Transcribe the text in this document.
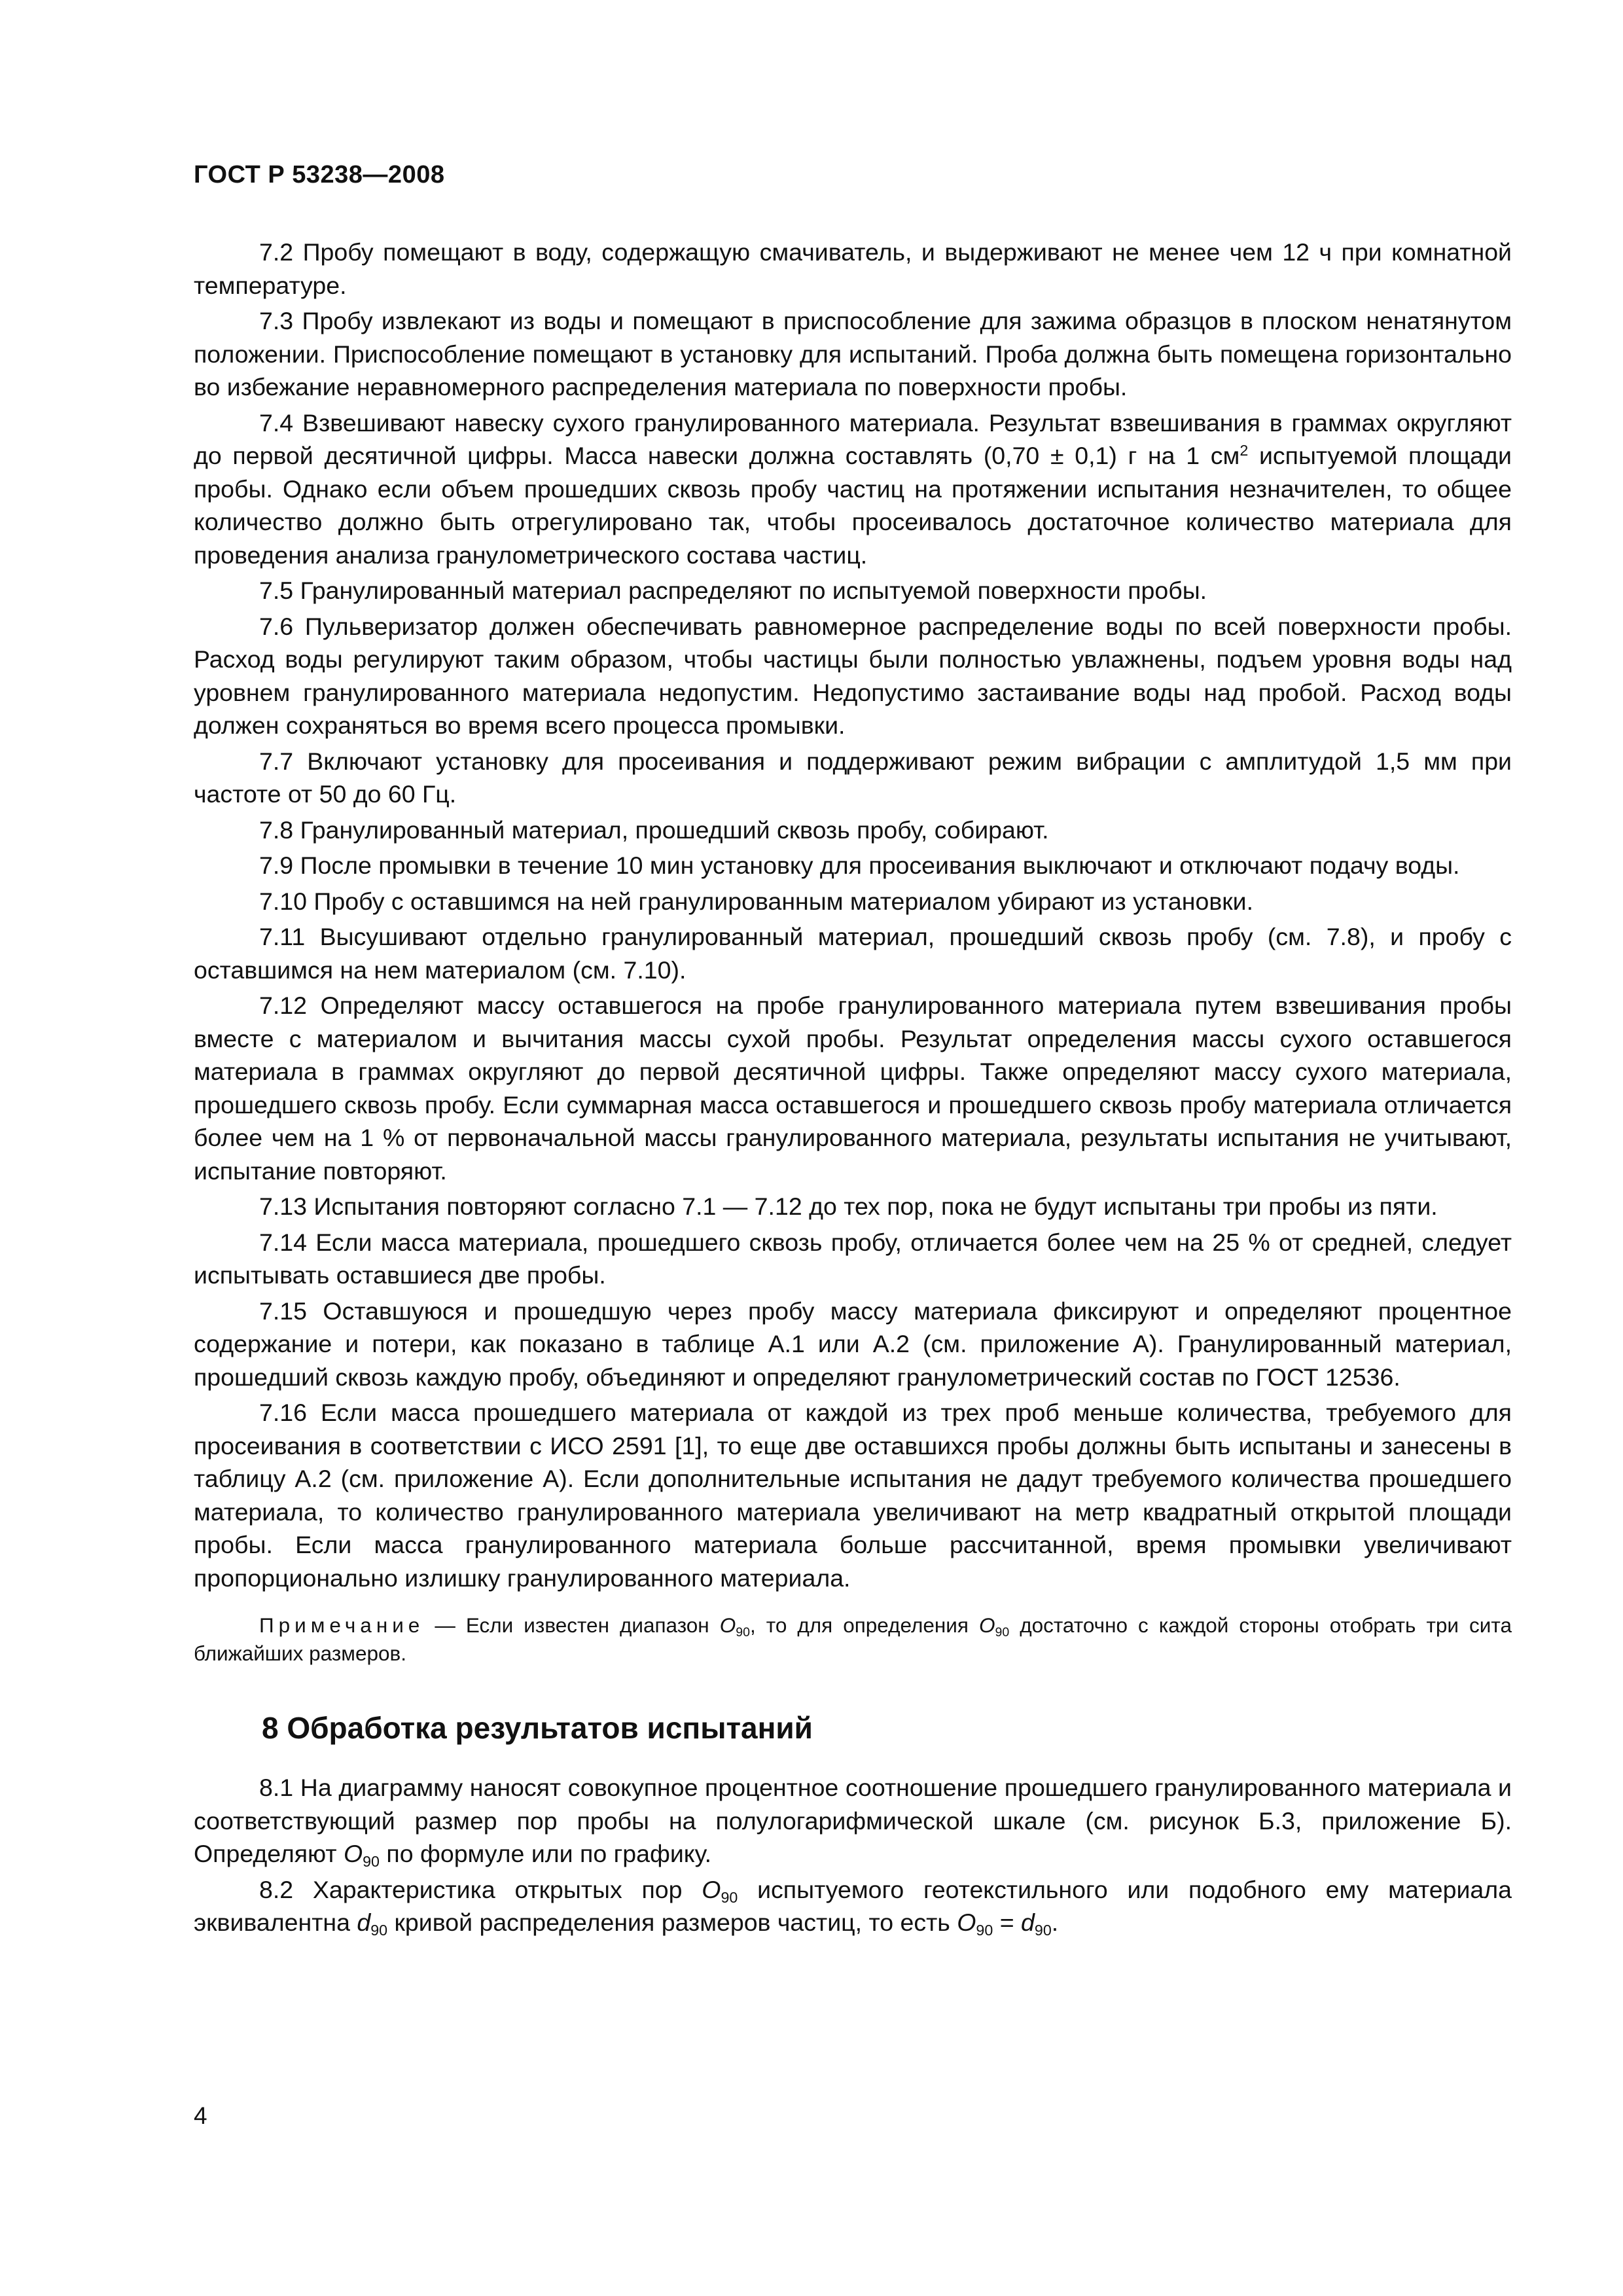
ГОСТ Р 53238—2008

7.2 Пробу помещают в воду, содержащую смачиватель, и выдерживают не менее чем 12 ч при комнатной температуре.

7.3 Пробу извлекают из воды и помещают в приспособление для зажима образцов в плоском ненатянутом положении. Приспособление помещают в установку для испытаний. Проба должна быть помещена горизонтально во избежание неравномерного распределения материала по поверхности пробы.

7.4 Взвешивают навеску сухого гранулированного материала. Результат взвешивания в граммах округляют до первой десятичной цифры. Масса навески должна составлять (0,70 ± 0,1) г на 1 $см^2$ испытуемой площади пробы. Однако если объем прошедших сквозь пробу частиц на протяжении испытания незначителен, то общее количество должно быть отрегулировано так, чтобы просеивалось достаточное количество материала для проведения анализа гранулометрического состава частиц.

7.5 Гранулированный материал распределяют по испытуемой поверхности пробы.

7.6 Пульверизатор должен обеспечивать равномерное распределение воды по всей поверхности пробы. Расход воды регулируют таким образом, чтобы частицы были полностью увлажнены, подъем уровня воды над уровнем гранулированного материала недопустим. Недопустимо застаивание воды над пробой. Расход воды должен сохраняться во время всего процесса промывки.

7.7 Включают установку для просеивания и поддерживают режим вибрации с амплитудой 1,5 мм при частоте от 50 до 60 Гц.

7.8 Гранулированный материал, прошедший сквозь пробу, собирают.

7.9 После промывки в течение 10 мин установку для просеивания выключают и отключают подачу воды.

7.10 Пробу с оставшимся на ней гранулированным материалом убирают из установки.

7.11 Высушивают отдельно гранулированный материал, прошедший сквозь пробу (см. 7.8), и пробу с оставшимся на нем материалом (см. 7.10).

7.12 Определяют массу оставшегося на пробе гранулированного материала путем взвешивания пробы вместе с материалом и вычитания массы сухой пробы. Результат определения массы сухого оставшегося материала в граммах округляют до первой десятичной цифры. Также определяют массу сухого материала, прошедшего сквозь пробу. Если суммарная масса оставшегося и прошедшего сквозь пробу материала отличается более чем на 1 % от первоначальной массы гранулированного материала, результаты испытания не учитывают, испытание повторяют.

7.13 Испытания повторяют согласно 7.1 — 7.12 до тех пор, пока не будут испытаны три пробы из пяти.

7.14 Если масса материала, прошедшего сквозь пробу, отличается более чем на 25 % от средней, следует испытывать оставшиеся две пробы.

7.15 Оставшуюся и прошедшую через пробу массу материала фиксируют и определяют процентное содержание и потери, как показано в таблице А.1 или А.2 (см. приложение А). Гранулированный материал, прошедший сквозь каждую пробу, объединяют и определяют гранулометрический состав по ГОСТ 12536.

7.16 Если масса прошедшего материала от каждой из трех проб меньше количества, требуемого для просеивания в соответствии с ИСО 2591 [1], то еще две оставшихся пробы должны быть испытаны и занесены в таблицу А.2 (см. приложение А). Если дополнительные испытания не дадут требуемого количества прошедшего материала, то количество гранулированного материала увеличивают на метр квадратный открытой площади пробы. Если масса гранулированного материала больше рассчитанной, время промывки увеличивают пропорционально излишку гранулированного материала.

Примечание — Если известен диапазон $O_{90}$, то для определения $O_{90}$ достаточно с каждой стороны отобрать три сита ближайших размеров.

8 Обработка результатов испытаний

8.1 На диаграмму наносят совокупное процентное соотношение прошедшего гранулированного материала и соответствующий размер пор пробы на полулогарифмической шкале (см. рисунок Б.3, приложение Б). Определяют $O_{90}$ по формуле или по графику.

8.2 Характеристика открытых пор $O_{90}$ испытуемого геотекстильного или подобного ему материала эквивалентна $d_{90}$ кривой распределения размеров частиц, то есть $O_{90} = d_{90}$.

4
